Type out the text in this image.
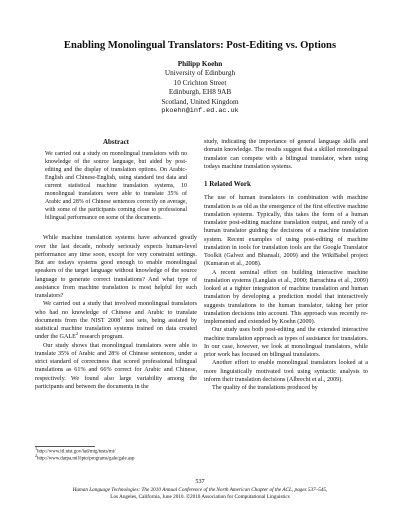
Enabling Monolingual Translators: Post-Editing vs. Options
Philipp Koehn
University of Edinburgh
10 Crichton Street
Edinburgh, EH8 9AB
Scotland, United Kingdom
pkoehn@inf.ed.ac.uk
Abstract

We carried out a study on monolingual translators with no knowledge of the source language, but aided by post-editing and the display of translation options. On Arabic-English and Chinese-English, using standard test data and current statistical machine translation systems, 10 monolingual translators were able to translate 35% of Arabic and 28% of Chinese sentences correctly on average, with some of the participants coming close to professional bilingual performance on some of the documents.

While machine translation systems have advanced greatly over the last decade, nobody seriously expects human-level performance any time soon, except for very constraint settings. But are todays systems good enough to enable monolingual speakers of the target language without knowledge of the source language to generate correct translations? And what type of assistance from machine translation is most helpful for such translators?

We carried out a study that involved monolingual translators who had no knowledge of Chinese and Arabic to translate documents from the NIST 2008$^1$ test sets, being assisted by statistical machine translation systems trained on data created under the GALE$^2$ research program.

Our study shows that monolingual translators were able to translate 35% of Arabic and 28% of Chinese sentences, under a strict standard of correctness that scored professional bilingual translations as 61% and 66% correct for Arabic and Chinese, respectively. We found also large variability among the participants and between the documents in the

$^1$http://www.itl.nist.gov/iad/mig/tests/mt/
$^2$http://www.darpa.mil/ipto/programs/gale/gale.asp

study, indicating the importance of general language skills and domain knowledge. The results suggest that a skilled monolingual translator can compete with a bilingual translator, when using todays machine translation systems.

1 Related Work

The use of human translators in combination with machine translation is as old as the emergence of the first effective machine translation systems. Typically, this takes the form of a human translator post-editing machine translation output, and rarely of a human translator guiding the decisions of a machine translation system. Recent examples of using post-editing of machine translation in tools for translation tools are the Google Translator Toolkit (Galvez and Bhansali, 2009) and the WikiBabel project (Kumaran et al., 2008).

A recent seminal effort on building interactive machine translation systems (Langlais et al., 2000; Barrachina et al., 2009) looked at a tighter integration of machine translation and human translation by developing a prediction model that interactively suggests translations to the human translator, taking her prior translation decisions into account. This approach was recently re-implemented and extended by Koehn (2009).

Our study uses both post-editing and the extended interactive machine translation approach as types of assistance for translators. In our case, however, we look at monolingual translators, while prior work has focused on bilingual translators.

Another effort to enable monolingual translators looked at a more linguistically motivated tool using syntactic analysis to inform their translation decisions (Albrecht et al., 2009).

The quality of the translations produced by

537
Human Language Technologies: The 2010 Annual Conference of the North American Chapter of the ACL, pages 537–545,
Los Angeles, California, June 2010. ©2010 Association for Computational Linguistics
